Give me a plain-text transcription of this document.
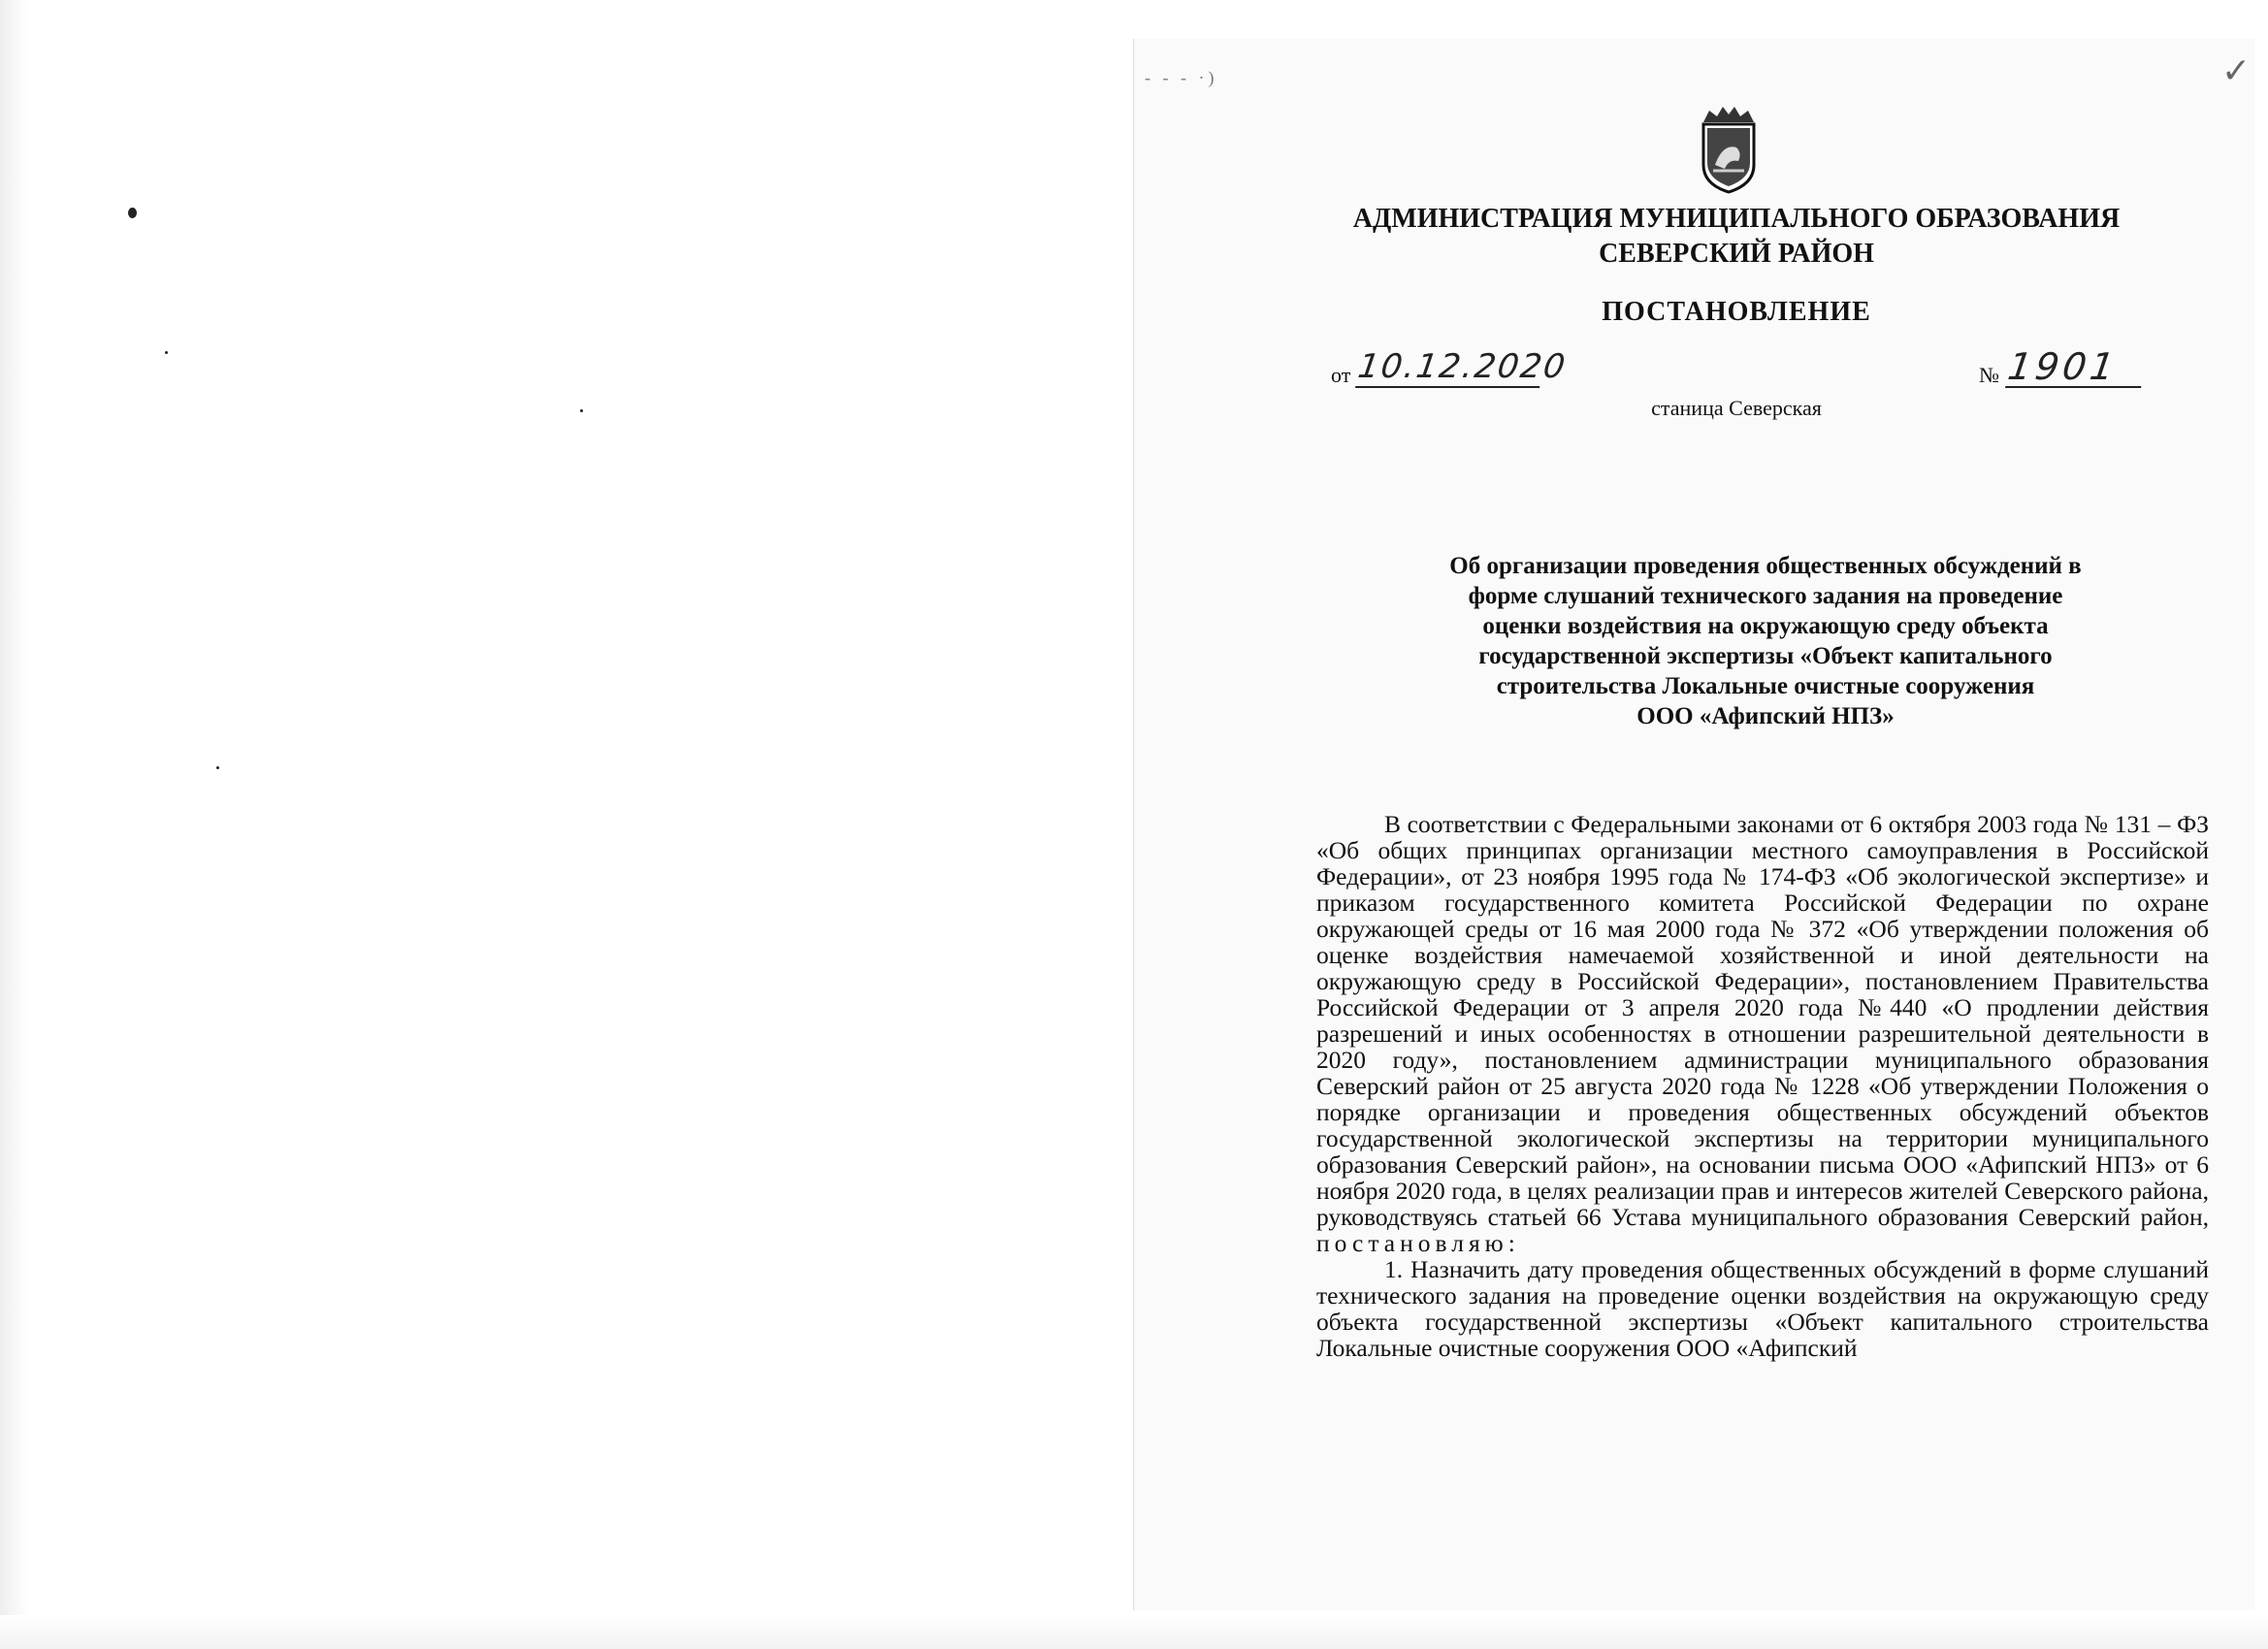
- - - ·)	✓
АДМИНИСТРАЦИЯ МУНИЦИПАЛЬНОГО ОБРАЗОВАНИЯ
СЕВЕРСКИЙ РАЙОН
ПОСТАНОВЛЕНИЕ
от 10.12.2020	№ 1901
станица Северская
Об организации проведения общественных обсуждений в
форме слушаний технического задания на проведение
оценки воздействия на окружающую среду объекта
государственной экспертизы «Объект капитального
строительства Локальные очистные сооружения
ООО «Афипский НПЗ»

В соответствии с Федеральными законами от 6 октября 2003 года № 131 – ФЗ «Об общих принципах организации местного самоуправления в Российской Федерации», от 23 ноября 1995 года № 174-ФЗ «Об экологической экспертизе» и приказом государственного комитета Российской Федерации по охране окружающей среды от 16 мая 2000 года № 372 «Об утверждении положения об оценке воздействия намечаемой хозяйственной и иной деятельности на окружающую среду в Российской Федерации», постановлением Правительства Российской Федерации от 3 апреля 2020 года №440 «О продлении действия разрешений и иных особенностях в отношении разрешительной деятельности в 2020 году», постановлением администрации муниципального образования Северский район от 25 августа 2020 года № 1228 «Об утверждении Положения о порядке организации и проведения общественных обсуждений объектов государственной экологической экспертизы на территории муниципального образования Северский район», на основании письма ООО «Афипский НПЗ» от 6 ноября 2020 года, в целях реализации прав и интересов жителей Северского района, руководствуясь статьей 66 Устава муниципального образования Северский район, постановляю:

1. Назначить дату проведения общественных обсуждений в форме слушаний технического задания на проведение оценки воздействия на окружающую среду объекта государственной экспертизы «Объект капитального строительства Локальные очистные сооружения ООО «Афипский
